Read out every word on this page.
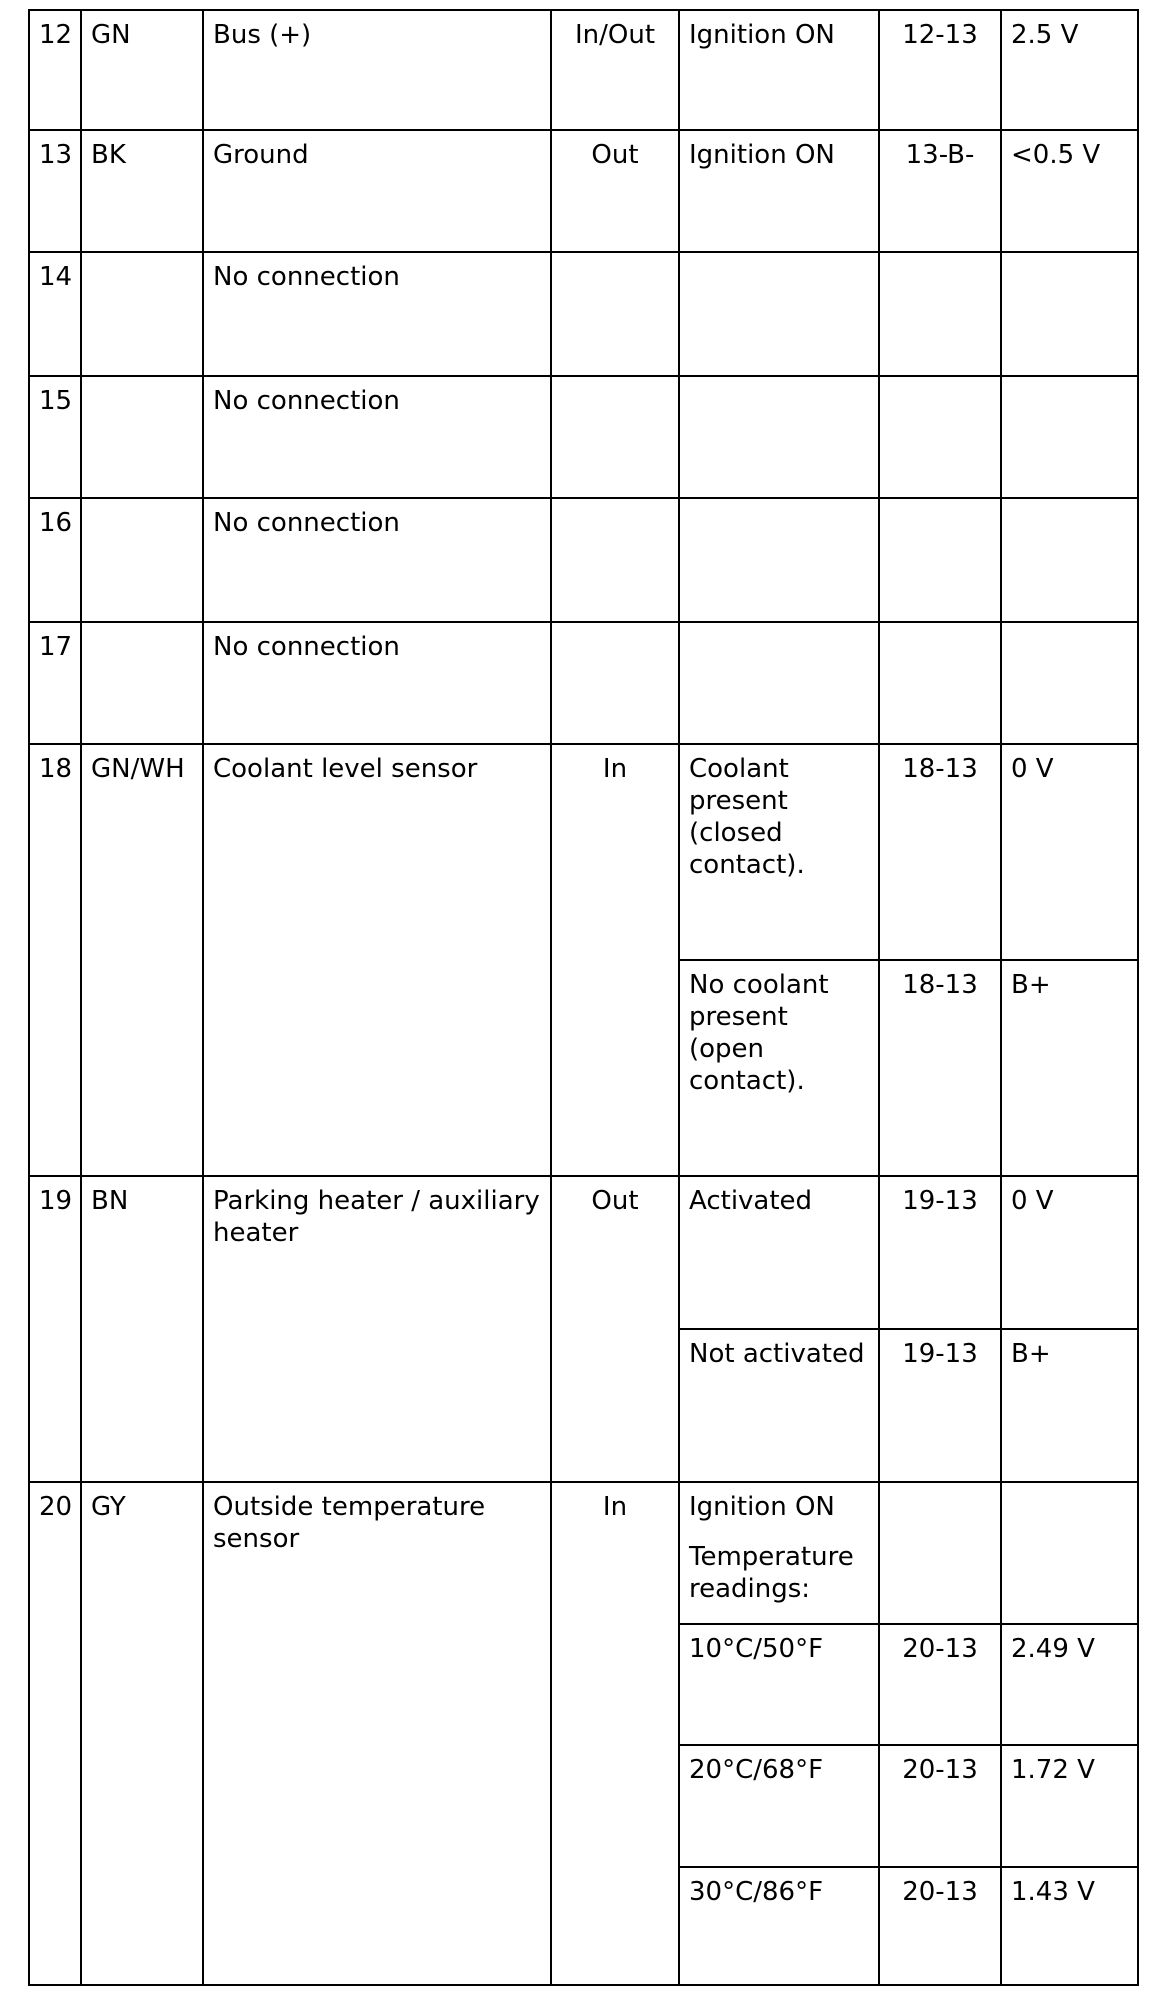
12	GN	Bus (+)	In/Out	Ignition ON	12-13	2.5 V
13	BK	Ground	Out	Ignition ON	13-B-	<0.5 V
14		No connection				
15		No connection				
16		No connection				
17		No connection				
18	GN/WH	Coolant level sensor	In	Coolant present (closed contact).	18-13	0 V
				No coolant present (open contact).	18-13	B+
19	BN	Parking heater / auxiliary heater	Out	Activated	19-13	0 V
				Not activated	19-13	B+
20	GY	Outside temperature sensor	In	Ignition ON
Temperature readings:		

				10°C/50°F	20-13	2.49 V
				20°C/68°F	20-13	1.72 V
				30°C/86°F	20-13	1.43 V
